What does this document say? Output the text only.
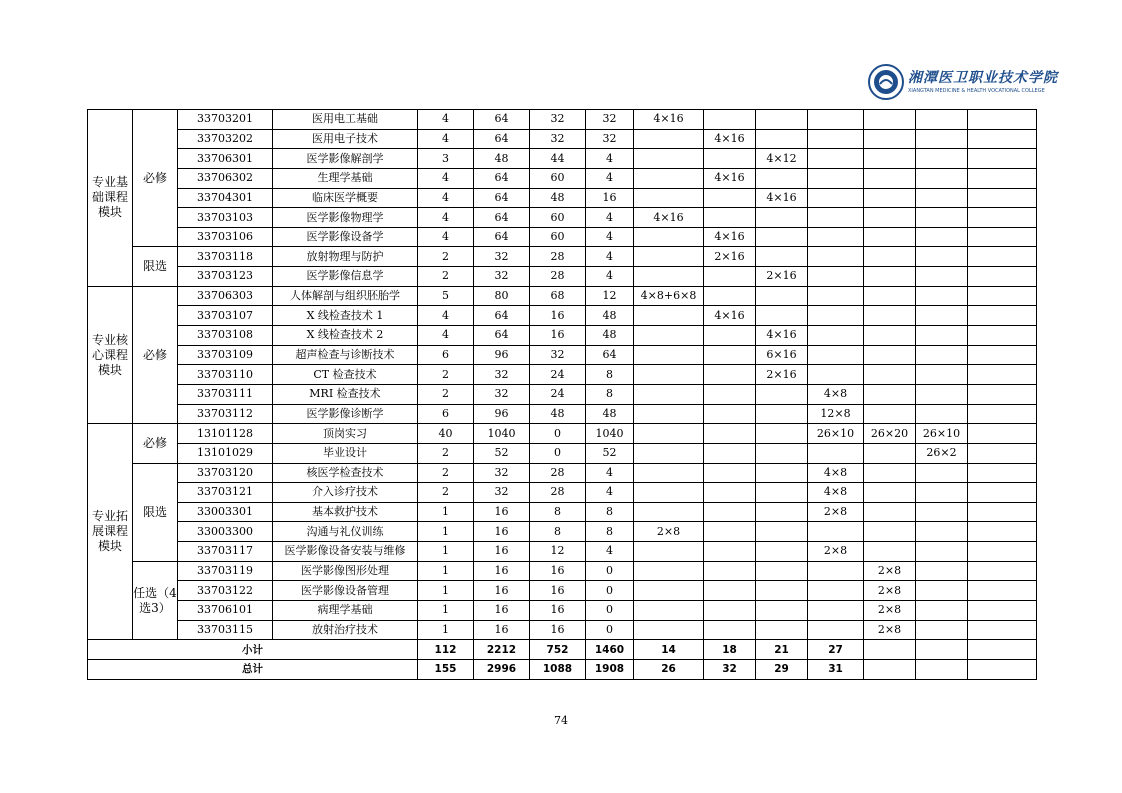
湘潭医卫职业技术学院
XIANGTAN MEDICINE & HEALTH VOCATIONAL COLLEGE
专业基础课程模块	必修	33703201	医用电工基础	4	64	32	32	4×16							
		33703202	医用电子技术	4	64	32	32		4×16						
		33706301	医学影像解剖学	3	48	44	4			4×12					
		33706302	生理学基础	4	64	60	4		4×16						
		33704301	临床医学概要	4	64	48	16			4×16					
		33703103	医学影像物理学	4	64	60	4	4×16							
		33703106	医学影像设备学	4	64	60	4		4×16						
	限选	33703118	放射物理与防护	2	32	28	4		2×16						
		33703123	医学影像信息学	2	32	28	4			2×16					
专业核心课程模块	必修	33706303	人体解剖与组织胚胎学	5	80	68	12	4×8+6×8							
		33703107	X 线检查技术 1	4	64	16	48		4×16						
		33703108	X 线检查技术 2	4	64	16	48			4×16					
		33703109	超声检查与诊断技术	6	96	32	64			6×16					
		33703110	CT 检查技术	2	32	24	8			2×16					
		33703111	MRI 检查技术	2	32	24	8				4×8				
		33703112	医学影像诊断学	6	96	48	48				12×8				
专业拓展课程模块	必修	13101128	顶岗实习	40	1040	0	1040				26×10	26×20	26×10		
		13101029	毕业设计	2	52	0	52						26×2		
	限选	33703120	核医学检查技术	2	32	28	4				4×8				
		33703121	介入诊疗技术	2	32	28	4				4×8				
		33003301	基本救护技术	1	16	8	8				2×8				
		33003300	沟通与礼仪训练	1	16	8	8	2×8							
		33703117	医学影像设备安装与维修	1	16	12	4				2×8				
	任选（4选3）	33703119	医学影像图形处理	1	16	16	0					2×8			
		33703122	医学影像设备管理	1	16	16	0					2×8			
		33706101	病理学基础	1	16	16	0					2×8			
		33703115	放射治疗技术	1	16	16	0					2×8			
小计				112	2212	752	1460	14	18	21	27				
总计				155	2996	1088	1908	26	32	29	31				
74
